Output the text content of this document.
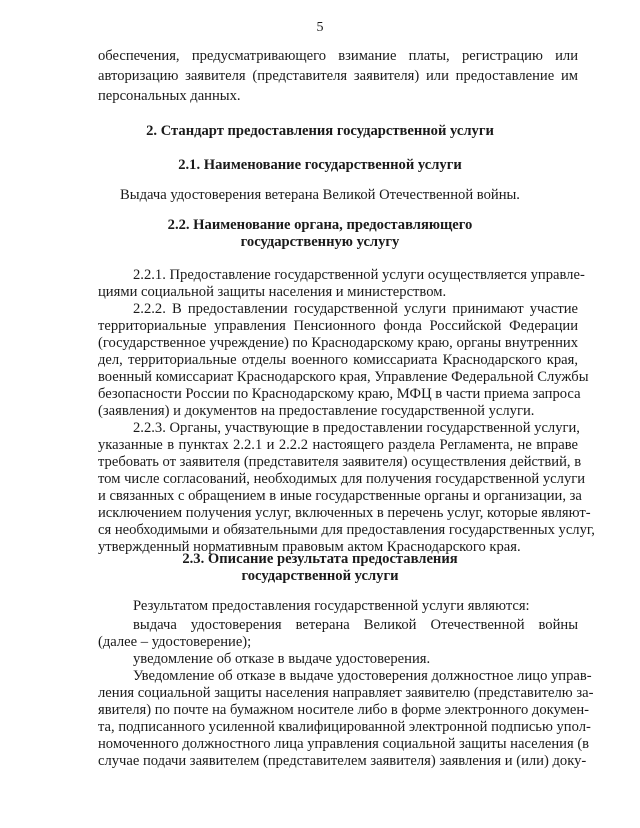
5
обеспечения, предусматривающего взимание платы, регистрацию или
авторизацию заявителя (представителя заявителя) или предоставление им
персональных данных.
2. Стандарт предоставления государственной услуги
2.1. Наименование государственной услуги
Выдача удостоверения ветерана Великой Отечественной войны.
2.2. Наименование органа, предоставляющего
государственную услугу
2.2.1. Предоставление государственной услуги осуществляется управле-
циями социальной защиты населения и министерством.
2.2.2. В предоставлении государственной услуги принимают участие
территориальные управления Пенсионного фонда Российской Федерации
(государственное учреждение) по Краснодарскому краю, органы внутренних
дел, территориальные отделы военного комиссариата Краснодарского края,
военный комиссариат Краснодарского края, Управление Федеральной Службы
безопасности России по Краснодарскому краю, МФЦ в части приема запроса
(заявления) и документов на предоставление государственной услуги.
2.2.3. Органы, участвующие в предоставлении государственной услуги,
указанные в пунктах 2.2.1 и 2.2.2 настоящего раздела Регламента, не вправе
требовать от заявителя (представителя заявителя) осуществления действий, в
том числе согласований, необходимых для получения государственной услуги
и связанных с обращением в иные государственные органы и организации, за
исключением получения услуг, включенных в перечень услуг, которые являют-
ся необходимыми и обязательными для предоставления государственных услуг,
утвержденный нормативным правовым актом Краснодарского края.
2.3. Описание результата предоставления
государственной услуги
Результатом предоставления государственной услуги являются:
выдача удостоверения ветерана Великой Отечественной войны
(далее – удостоверение);
уведомление об отказе в выдаче удостоверения.
Уведомление об отказе в выдаче удостоверения должностное лицо управ-
ления социальной защиты населения направляет заявителю (представителю за-
явителя) по почте на бумажном носителе либо в форме электронного докумен-
та, подписанного усиленной квалифицированной электронной подписью упол-
номоченного должностного лица управления социальной защиты населения (в
случае подачи заявителем (представителем заявителя) заявления и (или) доку-
